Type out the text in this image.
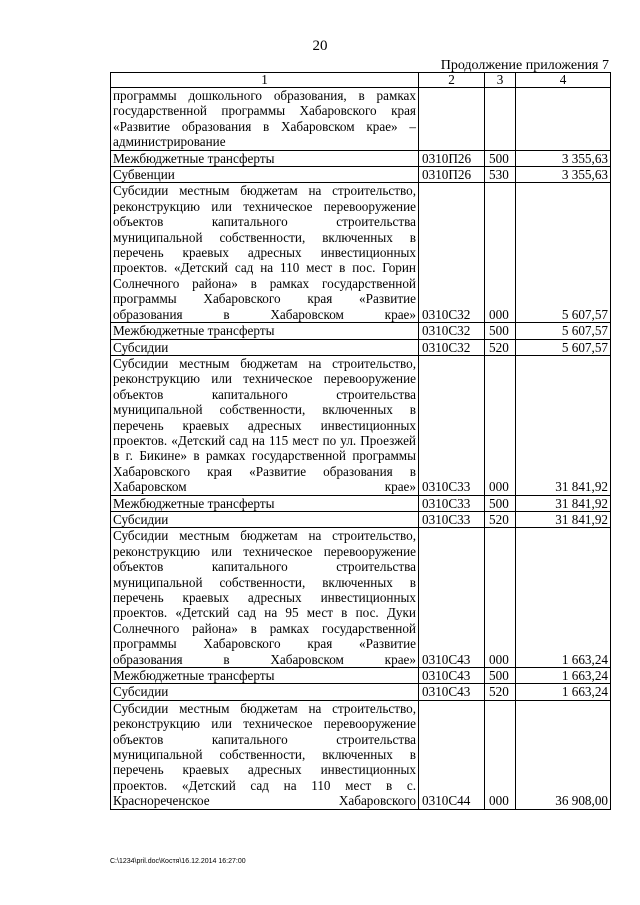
20
Продолжение приложения 7
1	2	3	4
программы дошкольного образования, в рамках государственной программы Хабаровского края «Развитие образования в Хабаровском крае» – администрирование			
Межбюджетные трансферты	0310П26	500	3 355,63
Субвенции	0310П26	530	3 355,63
Субсидии местным бюджетам на строительство, реконструкцию или техническое перевооружение объектов капитального строительства муниципальной собственности, включенных в перечень краевых адресных инвестиционных проектов. «Детский сад на 110 мест в пос. Горин Солнечного района» в рамках государственной программы Хабаровского края «Развитие образования в Хабаровском крае»	0310С32	000	5 607,57
Межбюджетные трансферты	0310С32	500	5 607,57
Субсидии	0310С32	520	5 607,57
Субсидии местным бюджетам на строительство, реконструкцию или техническое перевооружение объектов капитального строительства муниципальной собственности, включенных в перечень краевых адресных инвестиционных проектов. «Детский сад на 115 мест по ул. Проезжей в г. Бикине» в рамках государственной программы Хабаровского края «Развитие образования в Хабаровском крае»	0310С33	000	31 841,92
Межбюджетные трансферты	0310С33	500	31 841,92
Субсидии	0310С33	520	31 841,92
Субсидии местным бюджетам на строительство, реконструкцию или техническое перевооружение объектов капитального строительства муниципальной собственности, включенных в перечень краевых адресных инвестиционных проектов. «Детский сад на 95 мест в пос. Дуки Солнечного района» в рамках государственной программы Хабаровского края «Развитие образования в Хабаровском крае»	0310С43	000	1 663,24
Межбюджетные трансферты	0310С43	500	1 663,24
Субсидии	0310С43	520	1 663,24
Субсидии местным бюджетам на строительство, реконструкцию или техническое перевооружение объектов капитального строительства муниципальной собственности, включенных в перечень краевых адресных инвестиционных проектов. «Детский сад на 110 мест в с. Краснореченское Хабаровского	0310С44	000	36 908,00
C:\1234\pril.doc\Костя\16.12.2014 16:27:00
